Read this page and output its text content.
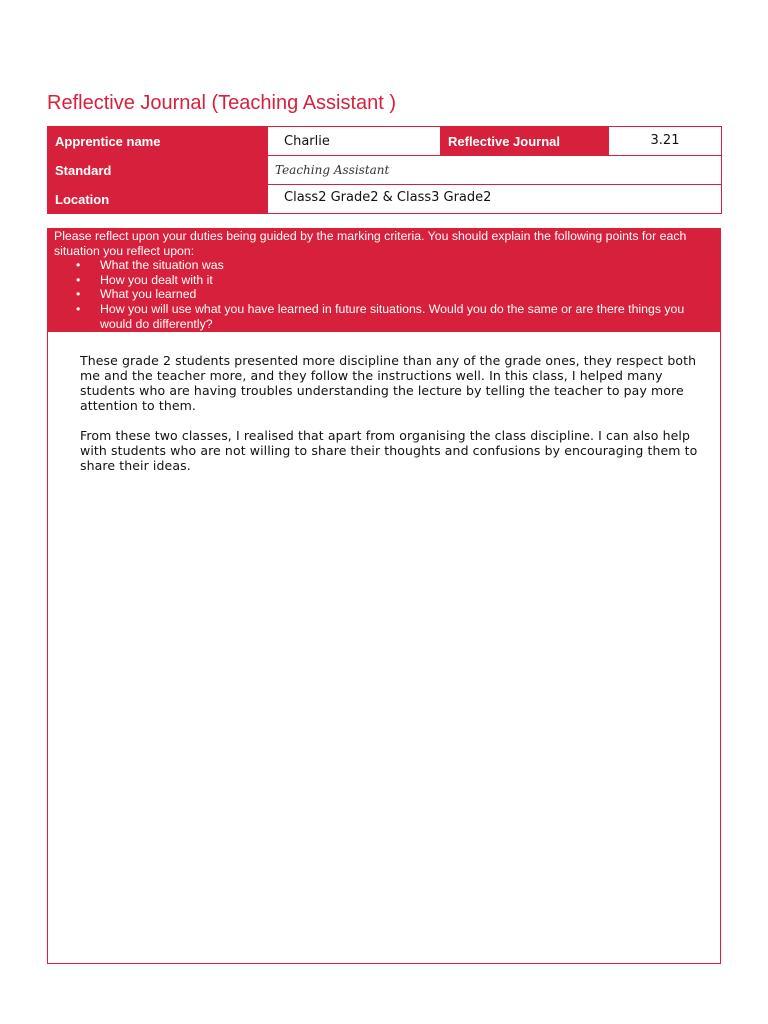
Reflective Journal (Teaching Assistant )
Apprentice name	Charlie	Reflective Journal	3.21
Standard	Teaching Assistant		
Location	Class2 Grade2 & Class3 Grade2		
Please reflect upon your duties being guided by the marking criteria. You should explain the following points for each situation you reflect upon:
• What the situation was
• How you dealt with it
• What you learned
• How you will use what you have learned in future situations. Would you do the same or are there things you would do differently?

These grade 2 students presented more discipline than any of the grade ones, they respect both me and the teacher more, and they follow the instructions well. In this class, I helped many students who are having troubles understanding the lecture by telling the teacher to pay more attention to them.

From these two classes, I realised that apart from organising the class discipline. I can also help with students who are not willing to share their thoughts and confusions by encouraging them to share their ideas.
